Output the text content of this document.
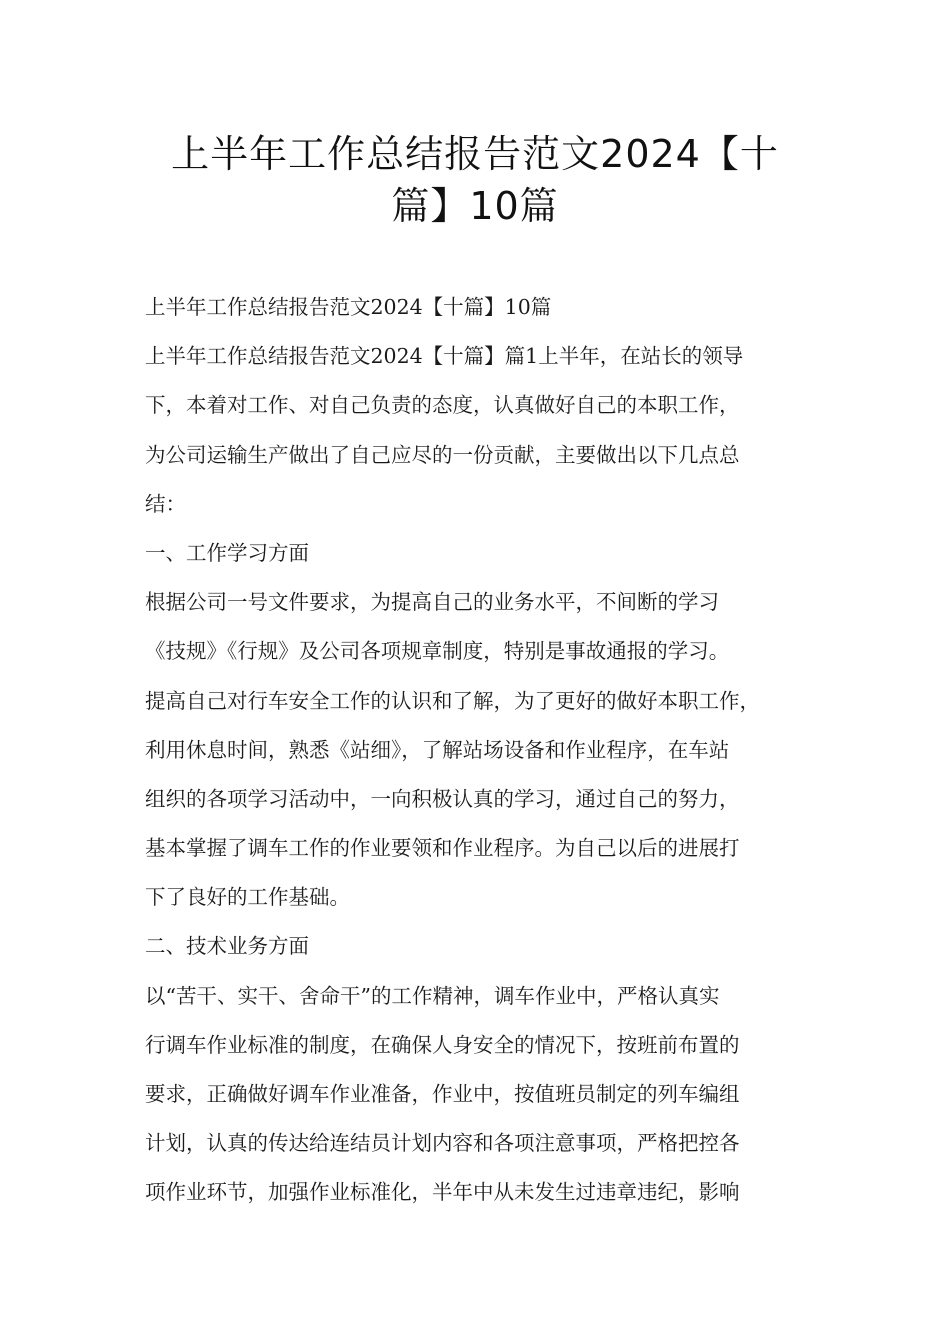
上半年工作总结报告范文2024【十
篇】10篇
上半年工作总结报告范文2024【十篇】10篇
上半年工作总结报告范文2024【十篇】篇1上半年，在站长的领导
下，本着对工作、对自己负责的态度，认真做好自己的本职工作，
为公司运输生产做出了自己应尽的一份贡献，主要做出以下几点总
结：
一、工作学习方面
根据公司一号文件要求，为提高自己的业务水平，不间断的学习
《技规》《行规》及公司各项规章制度，特别是事故通报的学习。
提高自己对行车安全工作的认识和了解，为了更好的做好本职工作，
利用休息时间，熟悉《站细》，了解站场设备和作业程序，在车站
组织的各项学习活动中，一向积极认真的学习，通过自己的努力，
基本掌握了调车工作的作业要领和作业程序。为自己以后的进展打
下了良好的工作基础。
二、技术业务方面
以“苦干、实干、舍命干”的工作精神，调车作业中，严格认真实
行调车作业标准的制度，在确保人身安全的情况下，按班前布置的
要求，正确做好调车作业准备，作业中，按值班员制定的列车编组
计划，认真的传达给连结员计划内容和各项注意事项，严格把控各
项作业环节，加强作业标准化，半年中从未发生过违章违纪，影响
